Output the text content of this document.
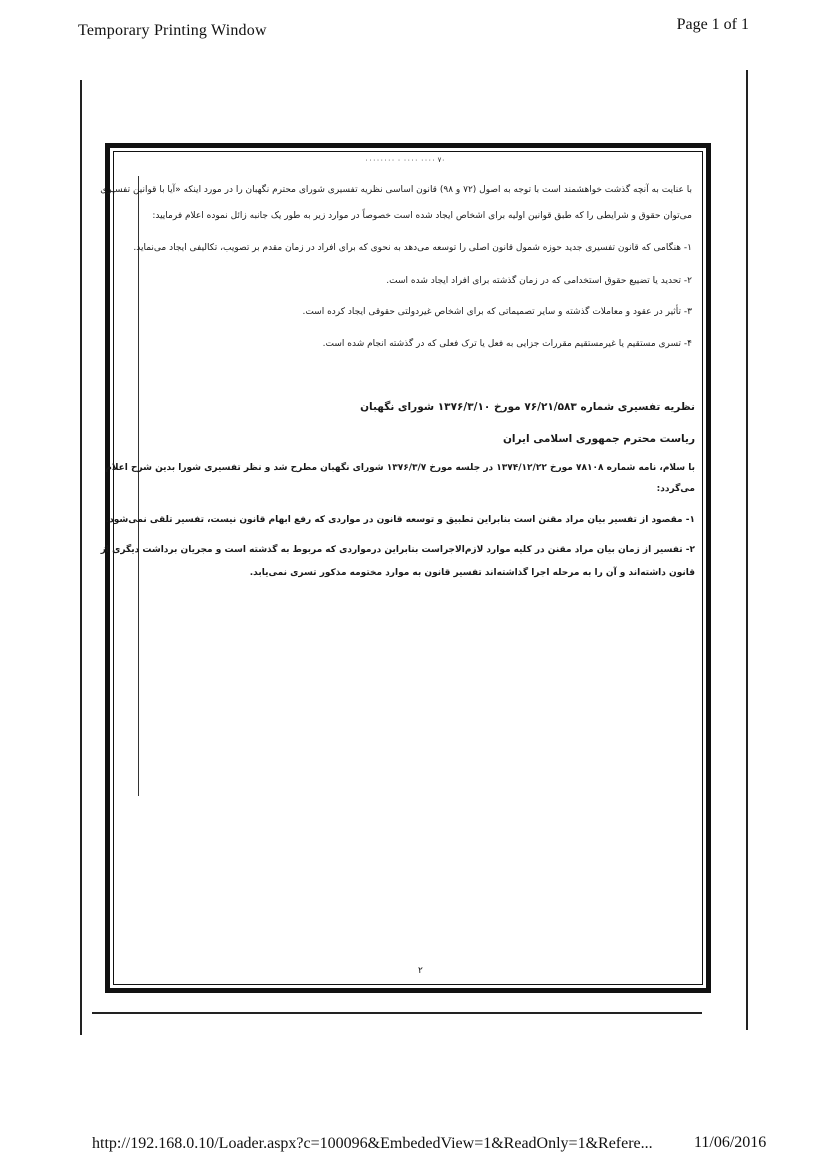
Temporary Printing Window	Page 1 of 1
۷۰ ۰۰۰۰ ۰۰۰۰ ۰ ۰۰۰۰۰۰۰۰
با عنایت به آنچه گذشت خواهشمند است با توجه به اصول (۷۲ و ۹۸) قانون اساسی نظریه تفسیری شورای محترم نگهبان را در مورد اینکه «آیا با قوانین تفسیری
می‌توان حقوق و شرایطی را که طبق قوانین اولیه برای اشخاص ایجاد شده است خصوصاً در موارد زیر به طور یک جانبه زائل نموده اعلام فرمایید:
۱- هنگامی که قانون تفسیری جدید حوزه شمول قانون اصلی را توسعه می‌دهد به نحوی که برای افراد در زمان مقدم بر تصویب، تکالیفی ایجاد می‌نماید.
۲- تحدید یا تضییع حقوق استخدامی که در زمان گذشته برای افراد ایجاد شده است.
۳- تأثیر در عقود و معاملات گذشته و سایر تصمیماتی که برای اشخاص غیردولتی حقوقی ایجاد کرده است.
۴- تسری مستقیم یا غیرمستقیم مقررات جزایی به فعل یا ترک فعلی که در گذشته انجام شده است.
نظریه تفسیری شماره ۷۶/۲۱/۵۸۳ مورخ ۱۳۷۶/۳/۱۰ شورای نگهبان
ریاست محترم جمهوری اسلامی ایران
با سلام، نامه شماره ۷۸۱۰۸ مورخ ۱۳۷۴/۱۲/۲۲ در جلسه مورخ ۱۳۷۶/۳/۷ شورای نگهبان مطرح شد و نظر تفسیری شورا بدین شرح اعلام
می‌گردد:
۱- مقصود از تفسیر بیان مراد مقنن است بنابراین تطبیق و توسعه قانون در مواردی که رفع ابهام قانون نیست، تفسیر تلقی نمی‌شود.
۲- تفسیر از زمان بیان مراد مقنن در کلیه موارد لازم‌الاجراست بنابراین درمواردی که مربوط به گذشته است و مجریان برداشت دیگری از
قانون داشته‌اند و آن را به مرحله اجرا گذاشته‌اند تفسیر قانون به موارد مختومه مذکور تسری نمی‌یابد.
۲
http://192.168.0.10/Loader.aspx?c=100096&EmbededView=1&ReadOnly=1&Refere...	11/06/2016
